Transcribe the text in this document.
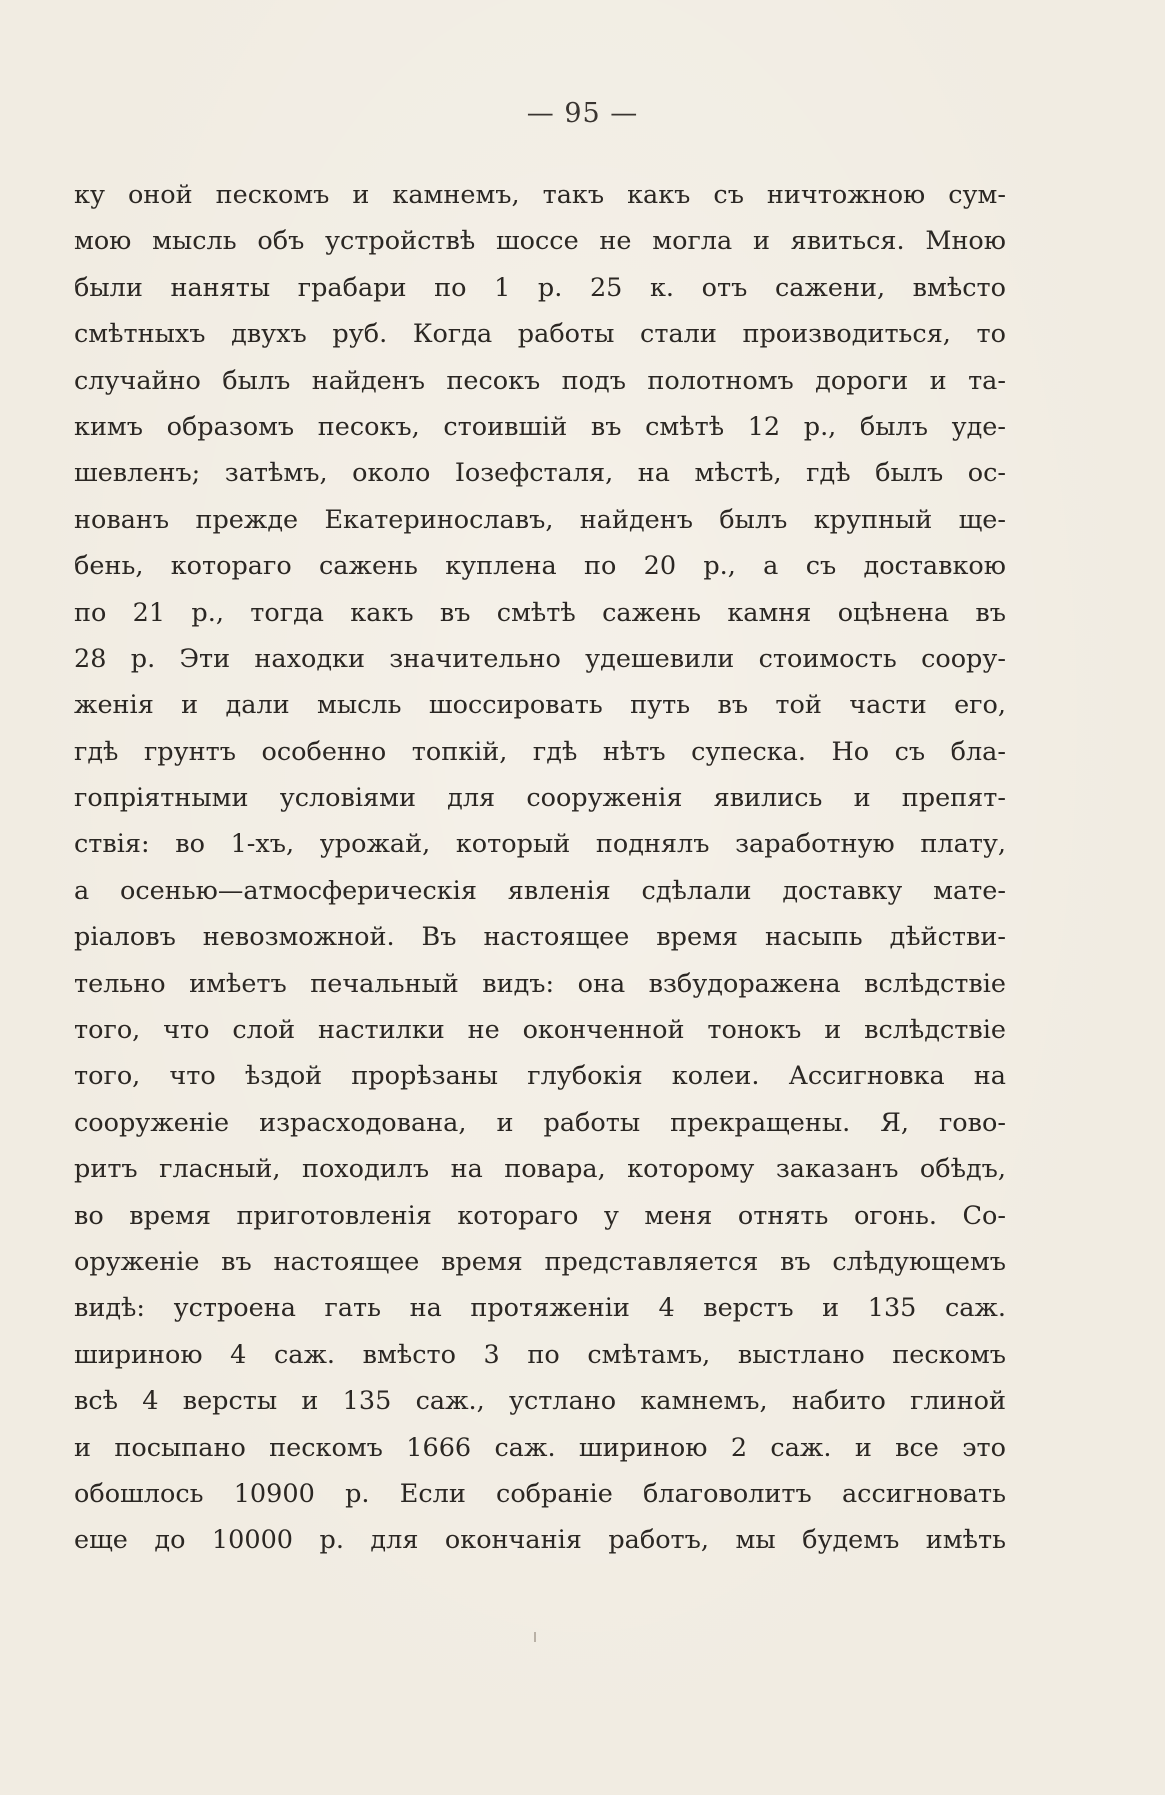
— 95 —
ку оной пескомъ и камнемъ, такъ какъ съ ничтожною сум-
мою мысль объ устройствѣ шоссе не могла и явиться. Мною
были наняты грабари по 1 р. 25 к. отъ сажени, вмѣсто
смѣтныхъ двухъ руб. Когда работы стали производиться, то
случайно былъ найденъ песокъ подъ полотномъ дороги и та-
кимъ образомъ песокъ, стоившій въ смѣтѣ 12 р., былъ уде-
шевленъ; затѣмъ, около Іозефсталя, на мѣстѣ, гдѣ былъ ос-
нованъ прежде Екатеринославъ, найденъ былъ крупный ще-
бень, котораго сажень куплена по 20 р., а съ доставкою
по 21 р., тогда какъ въ смѣтѣ сажень камня оцѣнена въ
28 р. Эти находки значительно удешевили стоимость соору-
женія и дали мысль шоссировать путь въ той части его,
гдѣ грунтъ особенно топкій, гдѣ нѣтъ супеска. Но съ бла-
гопріятными условіями для сооруженія явились и препят-
ствія: во 1-хъ, урожай, который поднялъ заработную плату,
а осенью—атмосферическія явленія сдѣлали доставку мате-
ріаловъ невозможной. Въ настоящее время насыпь дѣйстви-
тельно имѣетъ печальный видъ: она взбудоражена вслѣдствіе
того, что слой настилки не оконченной тонокъ и вслѣдствіе
того, что ѣздой прорѣзаны глубокія колеи. Ассигновка на
сооруженіе израсходована, и работы прекращены. Я, гово-
ритъ гласный, походилъ на повара, которому заказанъ обѣдъ,
во время приготовленія котораго у меня отнять огонь. Со-
оруженіе въ настоящее время представляется въ слѣдующемъ
видѣ: устроена гать на протяженіи 4 верстъ и 135 саж.
шириною 4 саж. вмѣсто 3 по смѣтамъ, выстлано пескомъ
всѣ 4 версты и 135 саж., устлано камнемъ, набито глиной
и посыпано пескомъ 1666 саж. шириною 2 саж. и все это
обошлось 10900 р. Если собраніе благоволитъ ассигновать
еще до 10000 р. для окончанія работъ, мы будемъ имѣть
